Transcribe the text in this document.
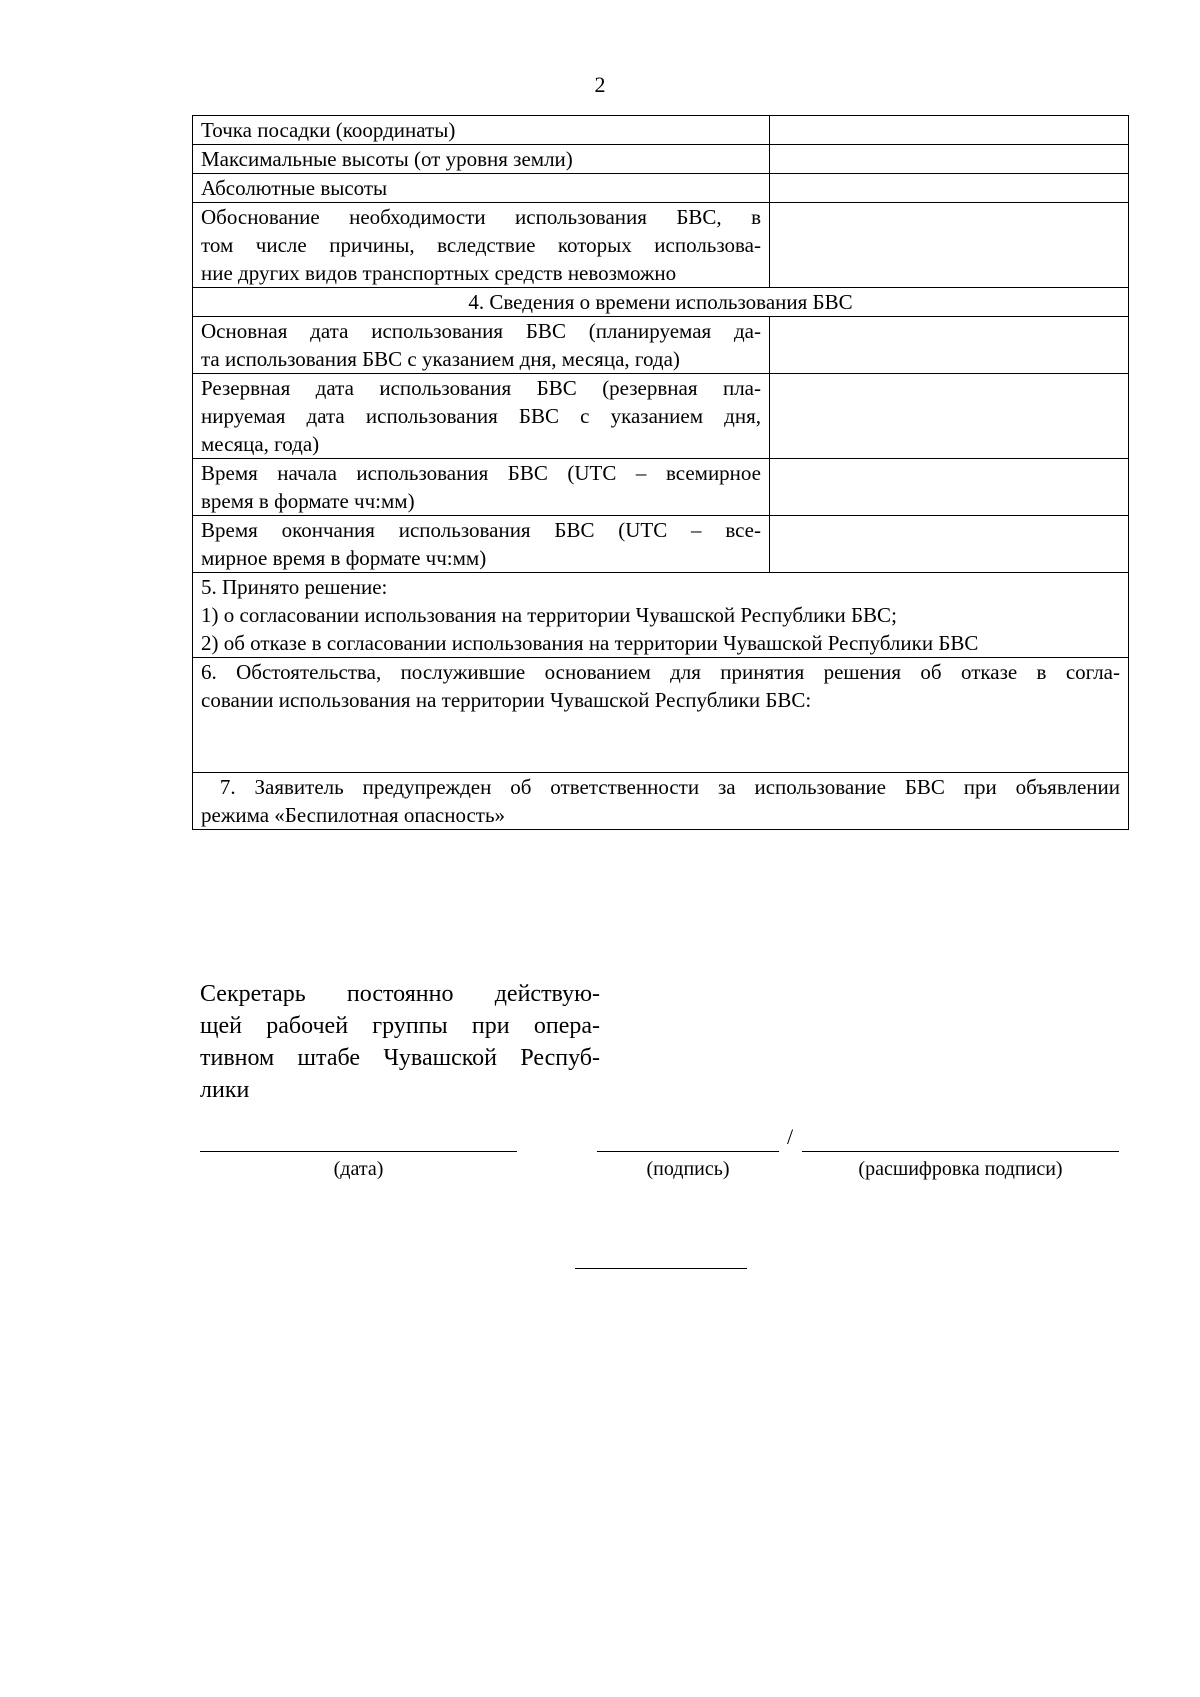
2
Точка посадки (координаты)	
Максимальные высоты (от уровня земли)	
Абсолютные высоты	

Обоснование необходимости использования БВС, в
том числе причины, вследствие которых использова-
ние других видов транспортных средств невозможно	

4. Сведения о времени использования БВС	

Основная дата использования БВС (планируемая да-
та использования БВС с указанием дня, месяца, года)	

Резервная дата использования БВС (резервная пла-
нируемая дата использования БВС с указанием дня,
месяца, года)	

Время начала использования БВС (UTC – всемирное
время в формате чч:мм)	

Время окончания использования БВС (UTC – все-
мирное время в формате чч:мм)	

5. Принято решение:
1) о согласовании использования на территории Чувашской Республики БВС;
2) об отказе в согласовании использования на территории Чувашской Республики БВС	

6. Обстоятельства, послужившие основанием для принятия решения об отказе в согла-
совании использования на территории Чувашской Республики БВС:	

7. Заявитель предупрежден об ответственности за использование БВС при объявлении
режима «Беспилотная опасность»	
Секретарь постоянно действую-
щей рабочей группы при опера-
тивном штабе Чувашской Респуб-
лики
(дата)	(подпись)
/
(расшифровка подписи)
